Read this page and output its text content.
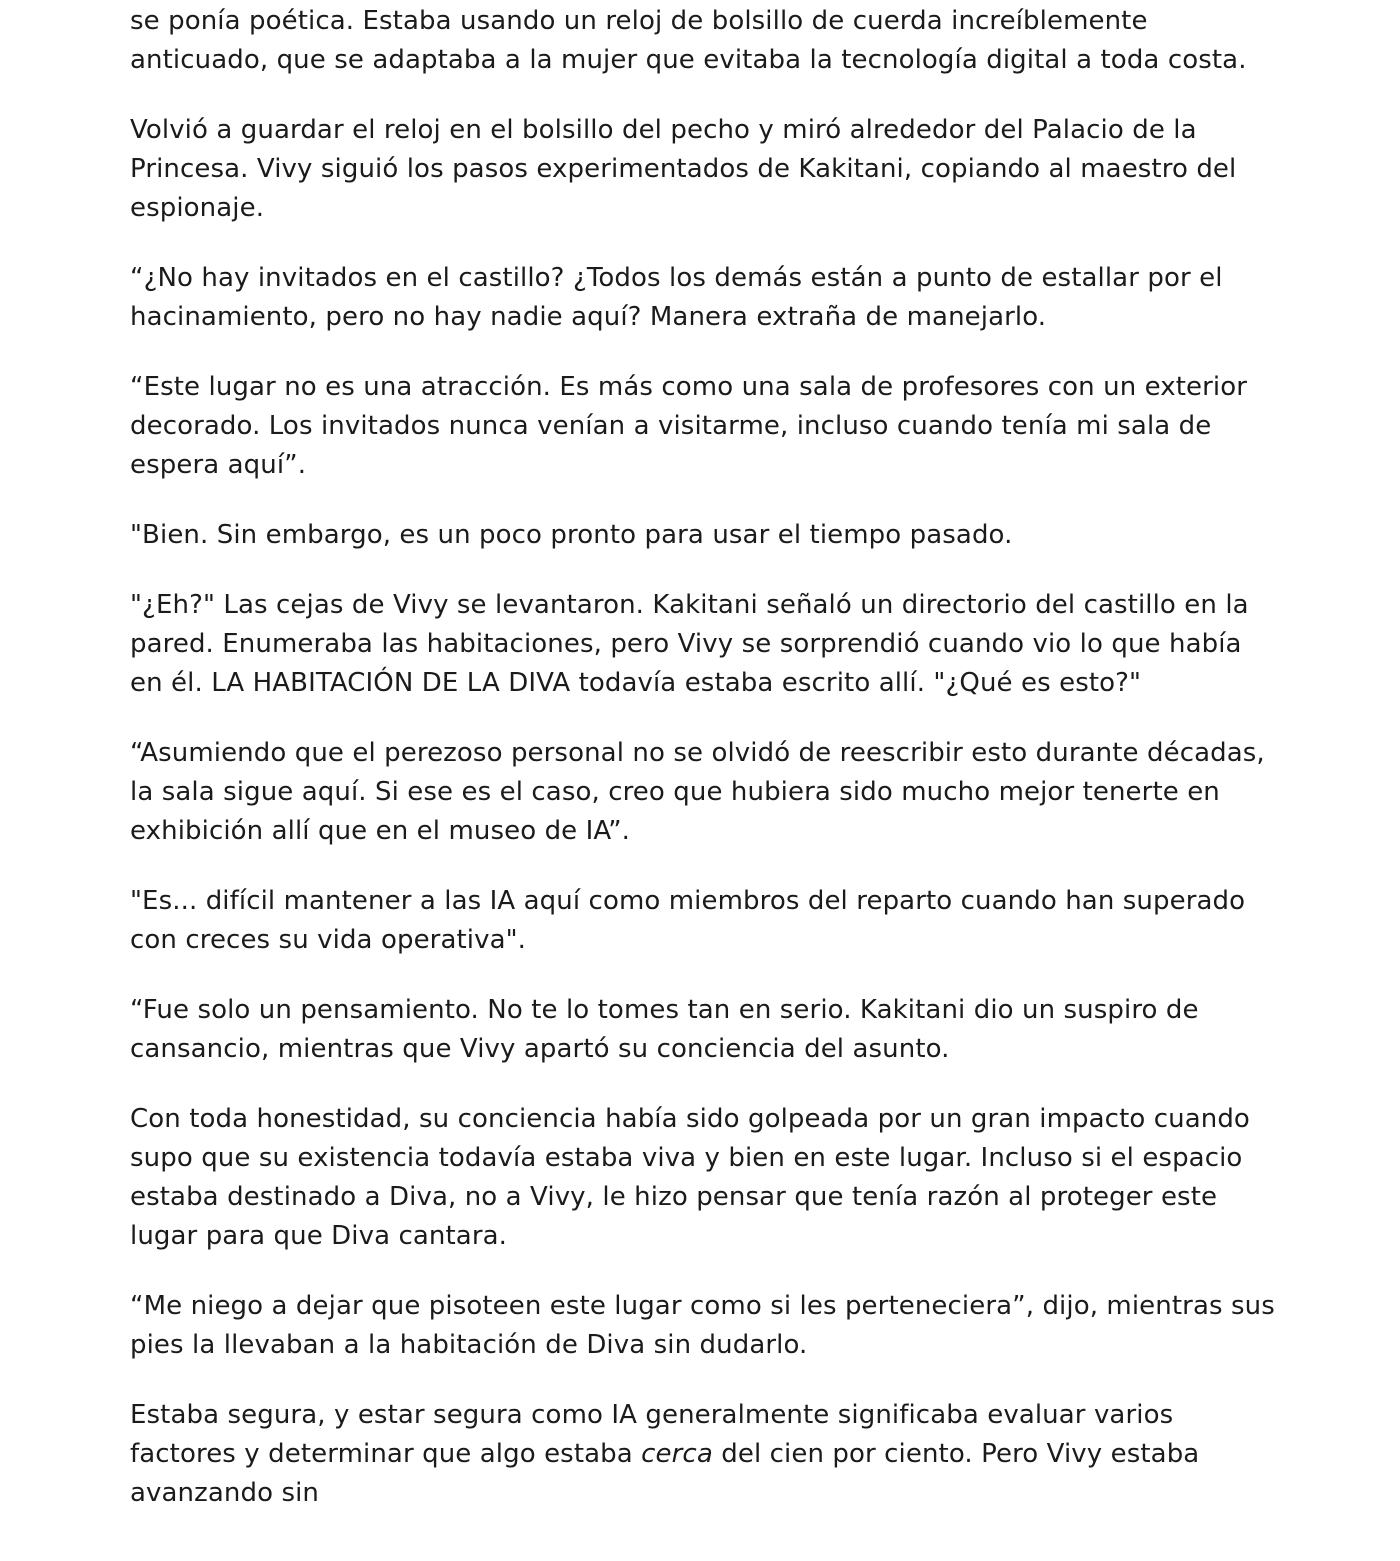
se ponía poética. Estaba usando un reloj de bolsillo de cuerda increíblemente anticuado, que se adaptaba a la mujer que evitaba la tecnología digital a toda costa.

Volvió a guardar el reloj en el bolsillo del pecho y miró alrededor del Palacio de la Princesa. Vivy siguió los pasos experimentados de Kakitani, copiando al maestro del espionaje.

“¿No hay invitados en el castillo? ¿Todos los demás están a punto de estallar por el hacinamiento, pero no hay nadie aquí? Manera extraña de manejarlo.

“Este lugar no es una atracción. Es más como una sala de profesores con un exterior decorado. Los invitados nunca venían a visitarme, incluso cuando tenía mi sala de espera aquí”.

"Bien. Sin embargo, es un poco pronto para usar el tiempo pasado.

"¿Eh?" Las cejas de Vivy se levantaron. Kakitani señaló un directorio del castillo en la pared. Enumeraba las habitaciones, pero Vivy se sorprendió cuando vio lo que había en él. LA HABITACIÓN DE LA DIVA todavía estaba escrito allí. "¿Qué es esto?"

“Asumiendo que el perezoso personal no se olvidó de reescribir esto durante décadas, la sala sigue aquí. Si ese es el caso, creo que hubiera sido mucho mejor tenerte en exhibición allí que en el museo de IA”.

"Es... difícil mantener a las IA aquí como miembros del reparto cuando han superado con creces su vida operativa".

“Fue solo un pensamiento. No te lo tomes tan en serio. Kakitani dio un suspiro de cansancio, mientras que Vivy apartó su conciencia del asunto.

Con toda honestidad, su conciencia había sido golpeada por un gran impacto cuando supo que su existencia todavía estaba viva y bien en este lugar. Incluso si el espacio estaba destinado a Diva, no a Vivy, le hizo pensar que tenía razón al proteger este lugar para que Diva cantara.

“Me niego a dejar que pisoteen este lugar como si les perteneciera”, dijo, mientras sus pies la llevaban a la habitación de Diva sin dudarlo.

Estaba segura, y estar segura como IA generalmente significaba evaluar varios factores y determinar que algo estaba cerca del cien por ciento. Pero Vivy estaba avanzando sin
